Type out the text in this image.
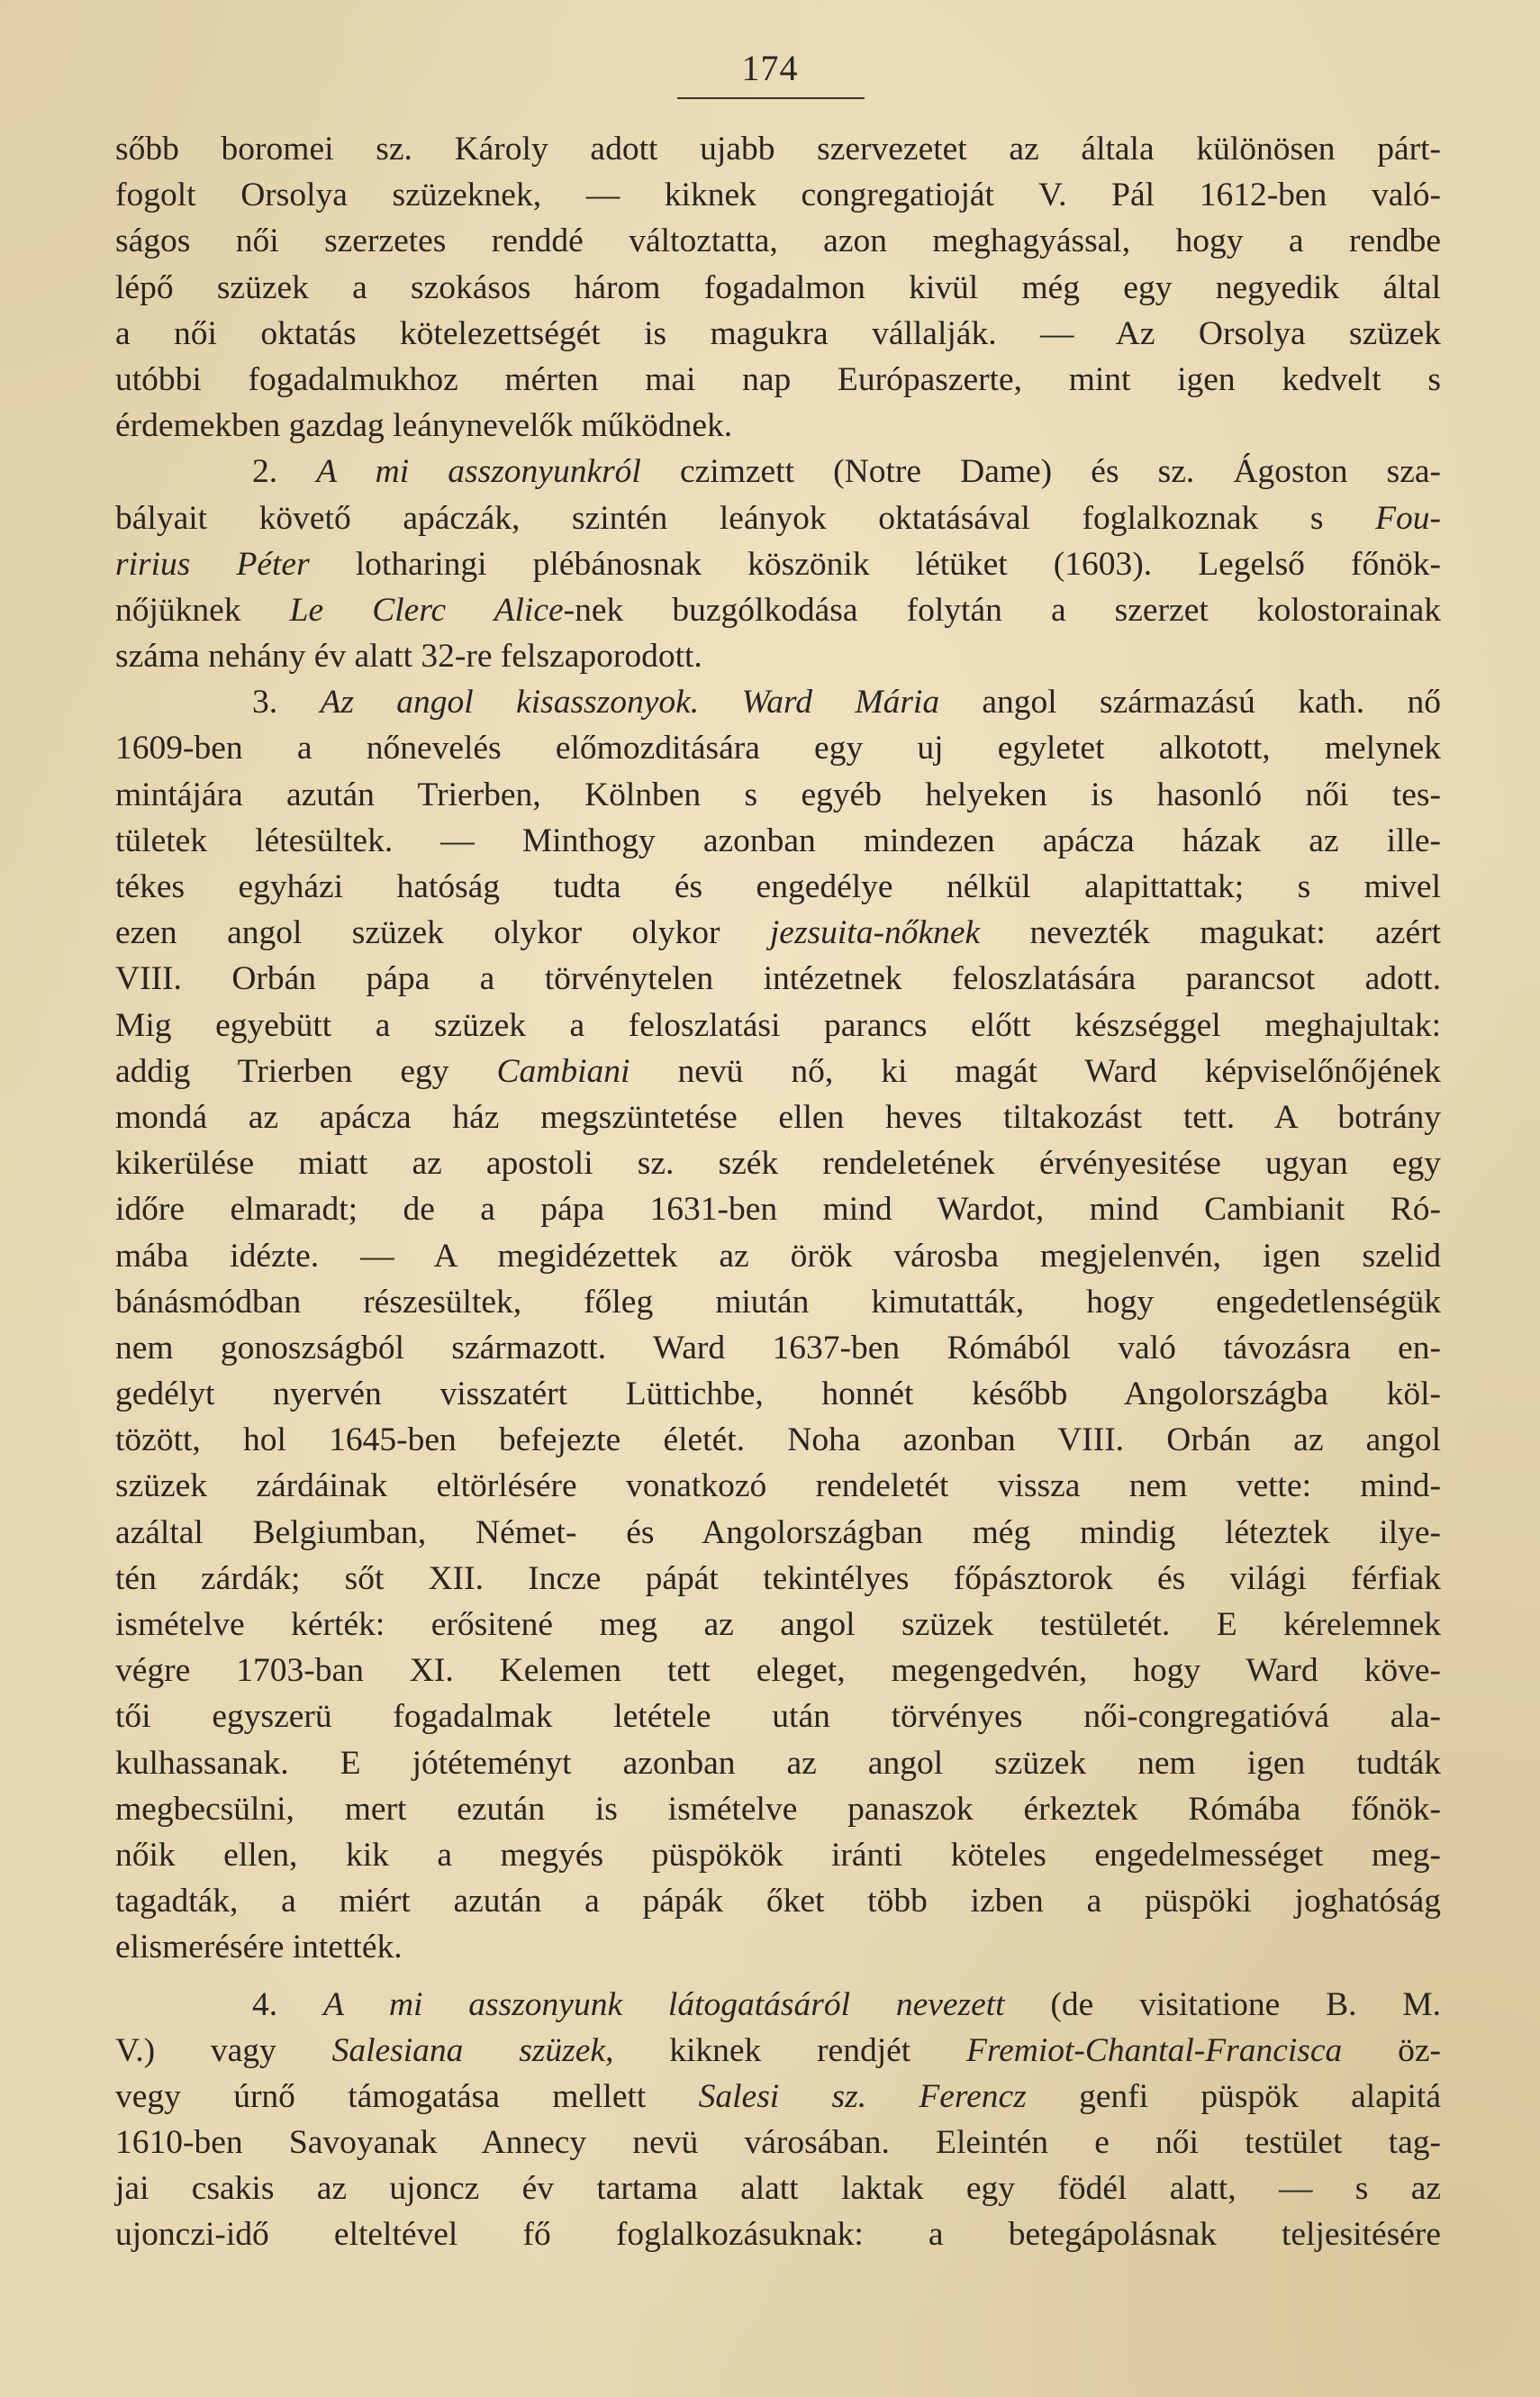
174
sőbb boromei sz. Károly adott ujabb szervezetet az általa különösen párt-
fogolt Orsolya szüzeknek, — kiknek congregatioját V. Pál 1612-ben való-
ságos női szerzetes renddé változtatta, azon meghagyással, hogy a rendbe
lépő szüzek a szokásos három fogadalmon kivül még egy negyedik által
a női oktatás kötelezettségét is magukra vállalják. — Az Orsolya szüzek
utóbbi fogadalmukhoz mérten mai nap Európaszerte, mint igen kedvelt s
érdemekben gazdag leánynevelők működnek.
2. A mi asszonyunkról czimzett (Notre Dame) és sz. Ágoston sza-
bályait követő apáczák, szintén leányok oktatásával foglalkoznak s Fou-
ririus Péter lotharingi plébánosnak köszönik létüket (1603). Legelső főnök-
nőjüknek Le Clerc Alice-nek buzgólkodása folytán a szerzet kolostorainak
száma nehány év alatt 32-re felszaporodott.
3. Az angol kisasszonyok. Ward Mária angol származású kath. nő
1609-ben a nőnevelés előmozditására egy uj egyletet alkotott, melynek
mintájára azután Trierben, Kölnben s egyéb helyeken is hasonló női tes-
tületek létesültek. — Minthogy azonban mindezen apácza házak az ille-
tékes egyházi hatóság tudta és engedélye nélkül alapittattak; s mivel
ezen angol szüzek olykor olykor jezsuita-nőknek nevezték magukat: azért
VIII. Orbán pápa a törvénytelen intézetnek feloszlatására parancsot adott.
Mig egyebütt a szüzek a feloszlatási parancs előtt készséggel meghajultak:
addig Trierben egy Cambiani nevü nő, ki magát Ward képviselőnőjének
mondá az apácza ház megszüntetése ellen heves tiltakozást tett. A botrány
kikerülése miatt az apostoli sz. szék rendeletének érvényesitése ugyan egy
időre elmaradt; de a pápa 1631-ben mind Wardot, mind Cambianit Ró-
mába idézte. — A megidézettek az örök városba megjelenvén, igen szelid
bánásmódban részesültek, főleg miután kimutatták, hogy engedetlenségük
nem gonoszságból származott. Ward 1637-ben Rómából való távozásra en-
gedélyt nyervén visszatért Lüttichbe, honnét később Angolországba köl-
tözött, hol 1645-ben befejezte életét. Noha azonban VIII. Orbán az angol
szüzek zárdáinak eltörlésére vonatkozó rendeletét vissza nem vette: mind-
azáltal Belgiumban, Német- és Angolországban még mindig léteztek ilye-
tén zárdák; sőt XII. Incze pápát tekintélyes főpásztorok és világi férfiak
ismételve kérték: erősitené meg az angol szüzek testületét. E kérelemnek
végre 1703-ban XI. Kelemen tett eleget, megengedvén, hogy Ward köve-
tői egyszerü fogadalmak letétele után törvényes női-congregatióvá ala-
kulhassanak. E jótéteményt azonban az angol szüzek nem igen tudták
megbecsülni, mert ezután is ismételve panaszok érkeztek Rómába főnök-
nőik ellen, kik a megyés püspökök iránti köteles engedelmességet meg-
tagadták, a miért azután a pápák őket több izben a püspöki joghatóság
elismerésére intették.
4. A mi asszonyunk látogatásáról nevezett (de visitatione B. M.
V.) vagy Salesiana szüzek, kiknek rendjét Fremiot-Chantal-Francisca öz-
vegy úrnő támogatása mellett Salesi sz. Ferencz genfi püspök alapitá
1610-ben Savoyanak Annecy nevü városában. Eleintén e női testület tag-
jai csakis az ujoncz év tartama alatt laktak egy födél alatt, — s az
ujonczi-idő elteltével fő foglalkozásuknak: a betegápolásnak teljesitésére
